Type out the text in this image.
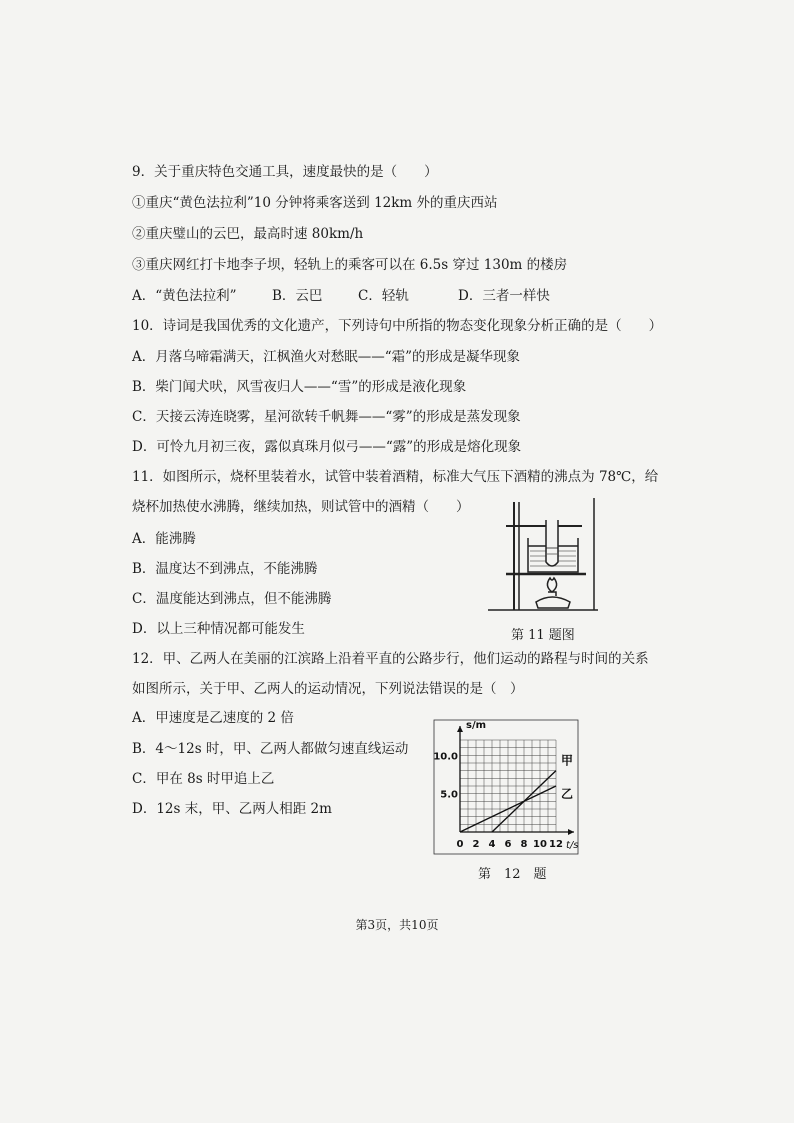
9．关于重庆特色交通工具，速度最快的是（　　）
①重庆“黄色法拉利”10 分钟将乘客送到 12km 外的重庆西站
②重庆璧山的云巴，最高时速 80km/h
③重庆网红打卡地李子坝，轻轨上的乘客可以在 6.5s 穿过 130m 的楼房
A．“黄色法拉利”	B．云巴	C．轻轨	D．三者一样快
10．诗词是我国优秀的文化遗产，下列诗句中所指的物态变化现象分析正确的是（　　）
A．月落乌啼霜满天，江枫渔火对愁眠——“霜”的形成是凝华现象
B．柴门闻犬吠，风雪夜归人——“雪”的形成是液化现象
C．天接云涛连晓雾，星河欲转千帆舞——“雾”的形成是蒸发现象
D．可怜九月初三夜，露似真珠月似弓——“露”的形成是熔化现象
11．如图所示，烧杯里装着水，试管中装着酒精，标准大气压下酒精的沸点为 78℃，给
烧杯加热使水沸腾，继续加热，则试管中的酒精（　　）
A．能沸腾
B．温度达不到沸点，不能沸腾
C．温度能达到沸点，但不能沸腾
D．以上三种情况都可能发生	第 11 题图
12．甲、乙两人在美丽的江滨路上沿着平直的公路步行，他们运动的路程与时间的关系
如图所示，关于甲、乙两人的运动情况，下列说法错误的是（　）
A．甲速度是乙速度的 2 倍
B．4～12s 时，甲、乙两人都做匀速直线运动
C．甲在 8s 时甲追上乙
D．12s 末，甲、乙两人相距 2m
甲
乙
0 2 4 6 8 10 12
5.0
10.0
s/m
t/s
第　12　题
第3页，共10页
